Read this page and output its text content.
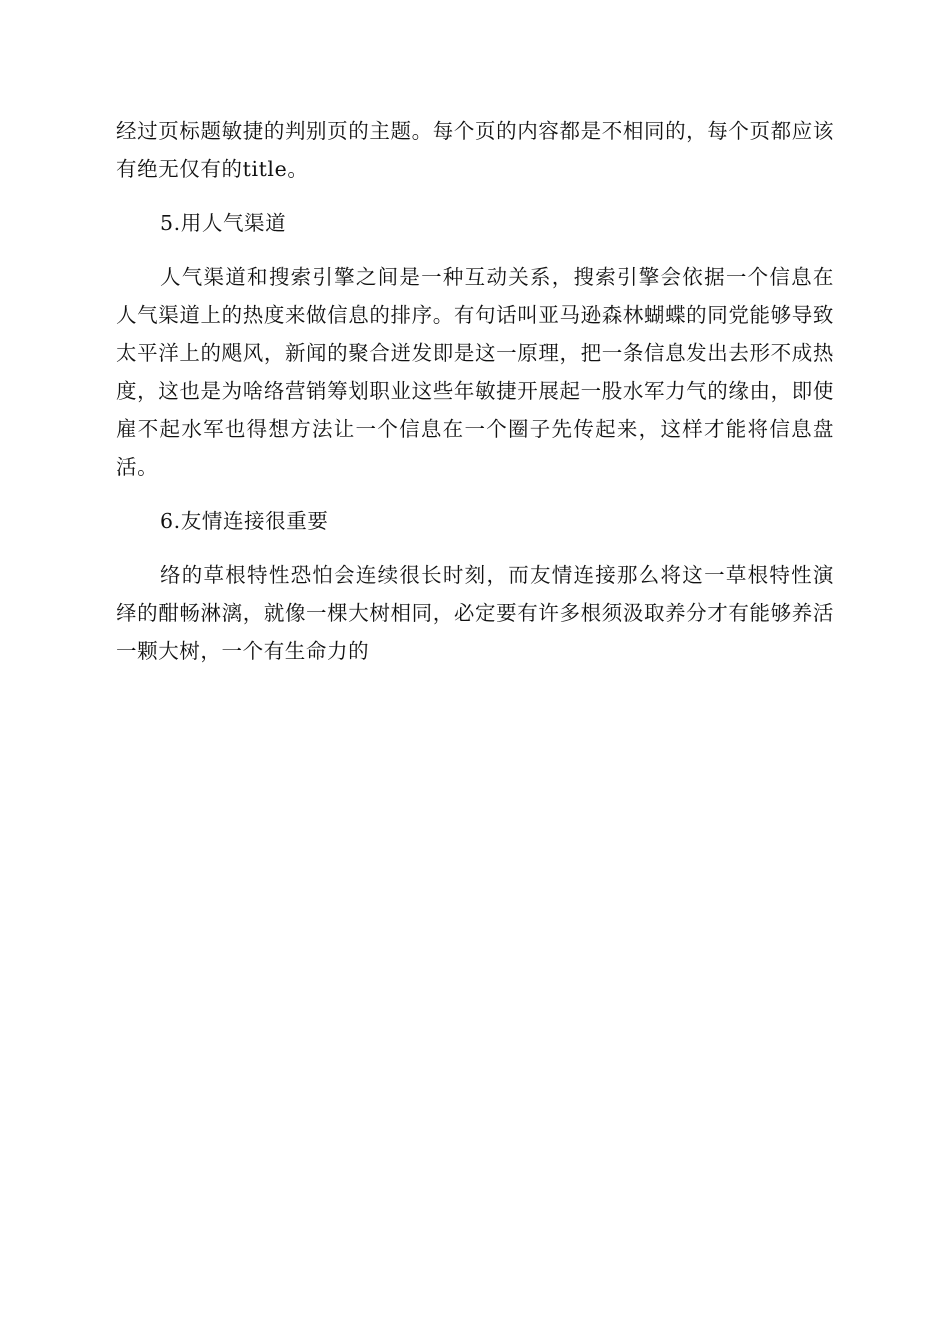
经过页标题敏捷的判别页的主题。每个页的内容都是不相同的，每个页都应该有绝无仅有的title。

5.用人气渠道

人气渠道和搜索引擎之间是一种互动关系，搜索引擎会依据一个信息在人气渠道上的热度来做信息的排序。有句话叫亚马逊森林蝴蝶的同党能够导致太平洋上的飓风，新闻的聚合迸发即是这一原理，把一条信息发出去形不成热度，这也是为啥络营销筹划职业这些年敏捷开展起一股水军力气的缘由，即使雇不起水军也得想方法让一个信息在一个圈子先传起来，这样才能将信息盘活。

6.友情连接很重要

络的草根特性恐怕会连续很长时刻，而友情连接那么将这一草根特性演绎的酣畅淋漓，就像一棵大树相同，必定要有许多根须汲取养分才有能够养活一颗大树，一个有生命力的
